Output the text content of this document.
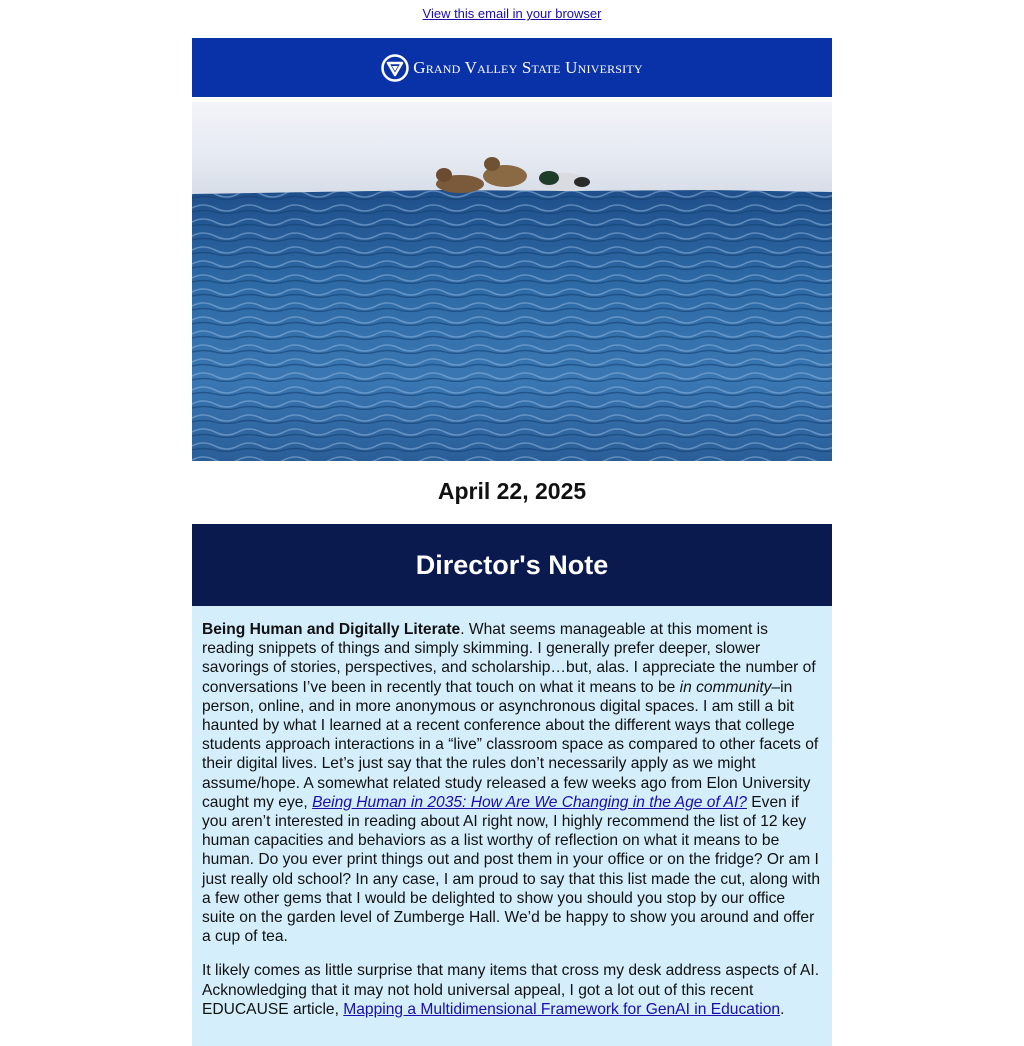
View this email in your browser
Grand Valley State University
April 22, 2025
Director's Note

Being Human and Digitally Literate. What seems manageable at this moment is reading snippets of things and simply skimming. I generally prefer deeper, slower savorings of stories, perspectives, and scholarship…but, alas. I appreciate the number of conversations I’ve been in recently that touch on what it means to be in community–in person, online, and in more anonymous or asynchronous digital spaces. I am still a bit haunted by what I learned at a recent conference about the different ways that college students approach interactions in a “live” classroom space as compared to other facets of their digital lives. Let’s just say that the rules don’t necessarily apply as we might assume/hope. A somewhat related study released a few weeks ago from Elon University caught my eye, Being Human in 2035: How Are We Changing in the Age of AI? Even if you aren’t interested in reading about AI right now, I highly recommend the list of 12 key human capacities and behaviors as a list worthy of reflection on what it means to be human. Do you ever print things out and post them in your office or on the fridge? Or am I just really old school? In any case, I am proud to say that this list made the cut, along with a few other gems that I would be delighted to show you should you stop by our office suite on the garden level of Zumberge Hall. We’d be happy to show you around and offer a cup of tea.

It likely comes as little surprise that many items that cross my desk address aspects of AI. Acknowledging that it may not hold universal appeal, I got a lot out of this recent EDUCAUSE article, Mapping a Multidimensional Framework for GenAI in Education.
